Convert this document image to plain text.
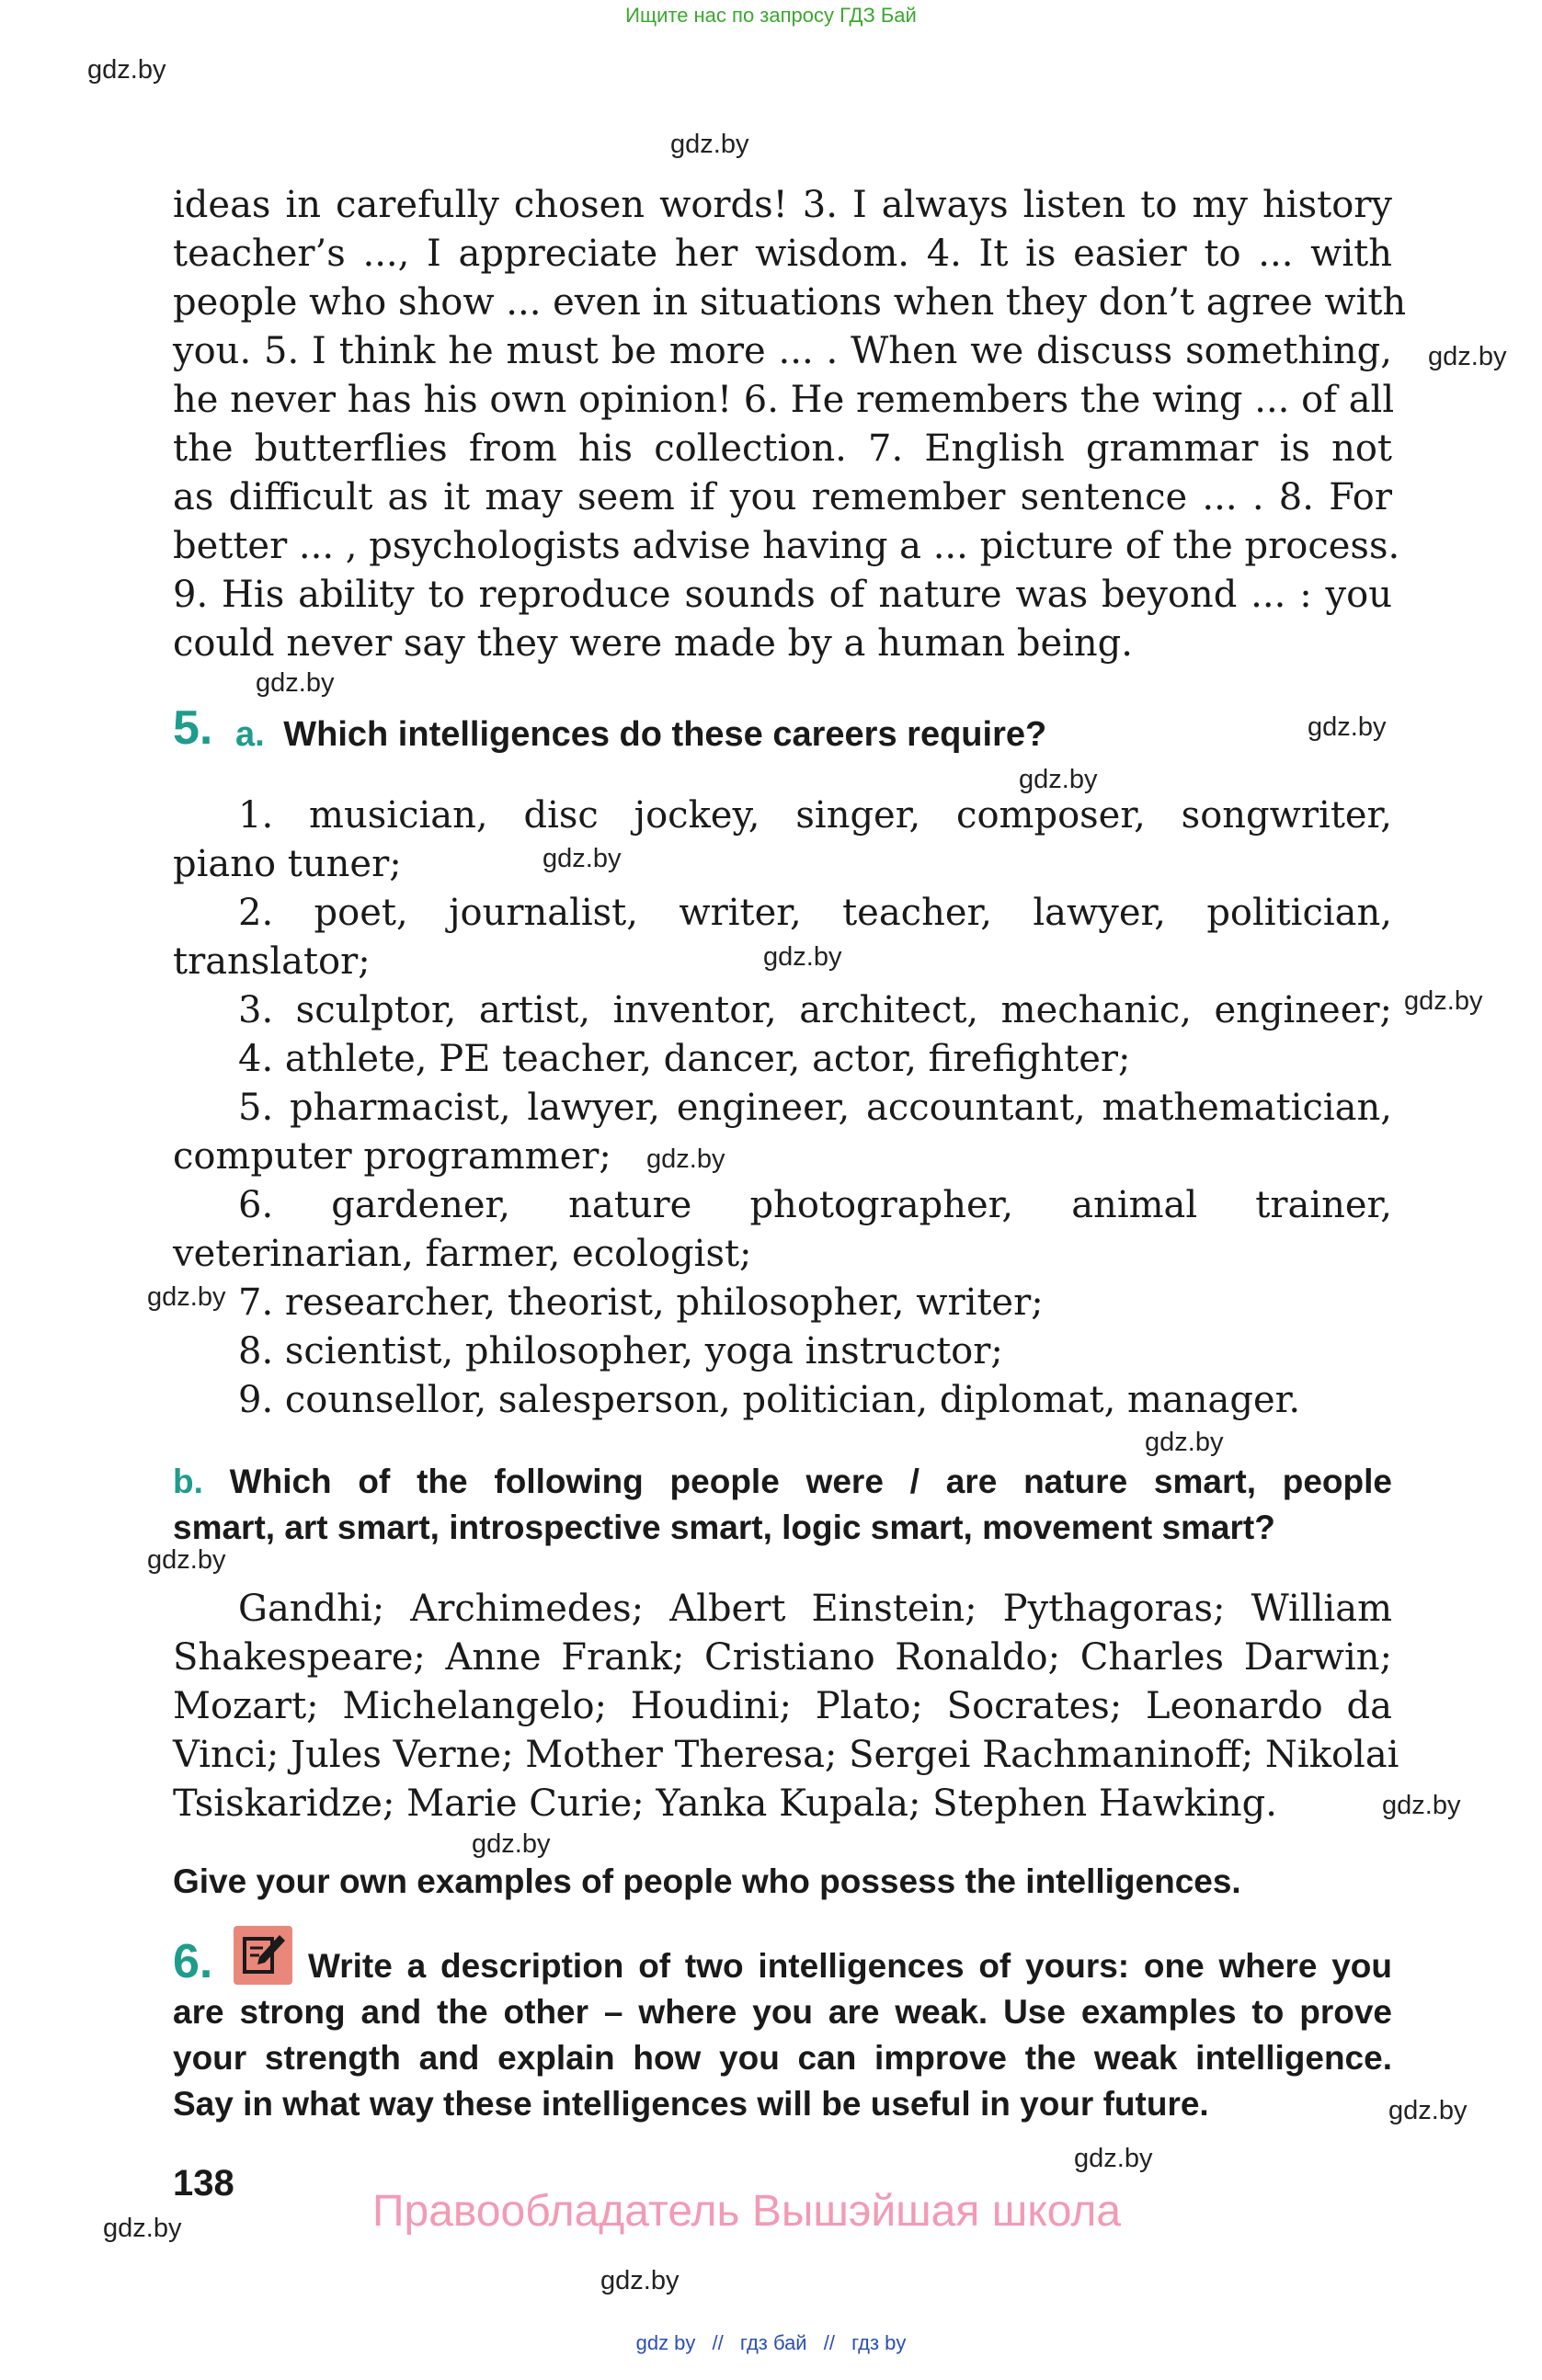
Ищите нас по запросу ГДЗ Бай
gdz.by
gdz.by
gdz.by
gdz.by
gdz.by
gdz.by
gdz.by
gdz.by
gdz.by
gdz.by
gdz.by
gdz.by
gdz.by
gdz.by
gdz.by
gdz.by
gdz.by
gdz.by
gdz.by
ideas in carefully chosen words! 3. I always listen to my history
teacher’s ..., I appreciate her wisdom. 4. It is easier to ... with
people who show ... even in situations when they don’t agree with
you. 5. I think he must be more ... . When we discuss something,
he never has his own opinion! 6. He remembers the wing ... of all
the butterflies from his collection. 7. English grammar is not
as difficult as it may seem if you remember sentence ... . 8. For
better ... , psychologists advise having a ... picture of the process.
9. His ability to reproduce sounds of nature was beyond ... : you
could never say they were made by a human being.
5. a. Which intelligences do these careers require?
1. musician, disc jockey, singer, composer, songwriter,
piano tuner;
2. poet, journalist, writer, teacher, lawyer, politician,
translator;
3. sculptor, artist, inventor, architect, mechanic, engineer;
4. athlete, PE teacher, dancer, actor, firefighter;
5. pharmacist, lawyer, engineer, accountant, mathematician,
computer programmer;
6. gardener, nature photographer, animal trainer,
veterinarian, farmer, ecologist;
7. researcher, theorist, philosopher, writer;
8. scientist, philosopher, yoga instructor;
9. counsellor, salesperson, politician, diplomat, manager.
b. Which of the following people were / are nature smart, people
smart, art smart, introspective smart, logic smart, movement smart?
Gandhi; Archimedes; Albert Einstein; Pythagoras; William
Shakespeare; Anne Frank; Cristiano Ronaldo; Charles Darwin;
Mozart; Michelangelo; Houdini; Plato; Socrates; Leonardo da
Vinci; Jules Verne; Mother Theresa; Sergei Rachmaninoff; Nikolai
Tsiskaridze; Marie Curie; Yanka Kupala; Stephen Hawking.
Give your own examples of people who possess the intelligences.
6.	Write a description of two intelligences of yours: one where you
are strong and the other – where you are weak. Use examples to prove
your strength and explain how you can improve the weak intelligence.
Say in what way these intelligences will be useful in your future.
138
Правообладатель Вышэйшая школа
gdz by // гдз бай // гдз by
